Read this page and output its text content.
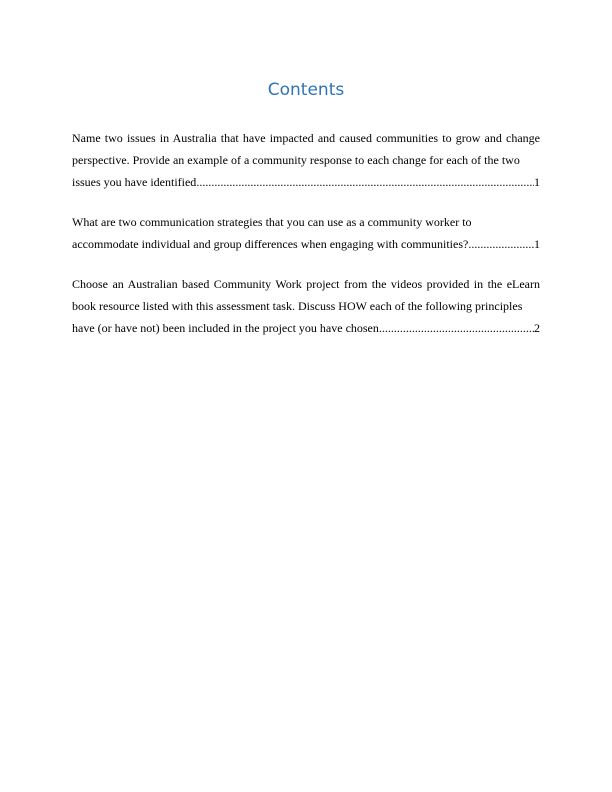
Contents
Name two issues in Australia that have impacted and caused communities to grow and change perspective. Provide an example of a community response to each change for each of the two
issues you have identified .....	1
What are two communication strategies that you can use as a community worker to
accommodate individual and group differences when engaging with communities? .....	1
Choose an Australian based Community Work project from the videos provided in the eLearn book resource listed with this assessment task. Discuss HOW each of the following principles
have (or have not) been included in the project you have chosen .....	2
